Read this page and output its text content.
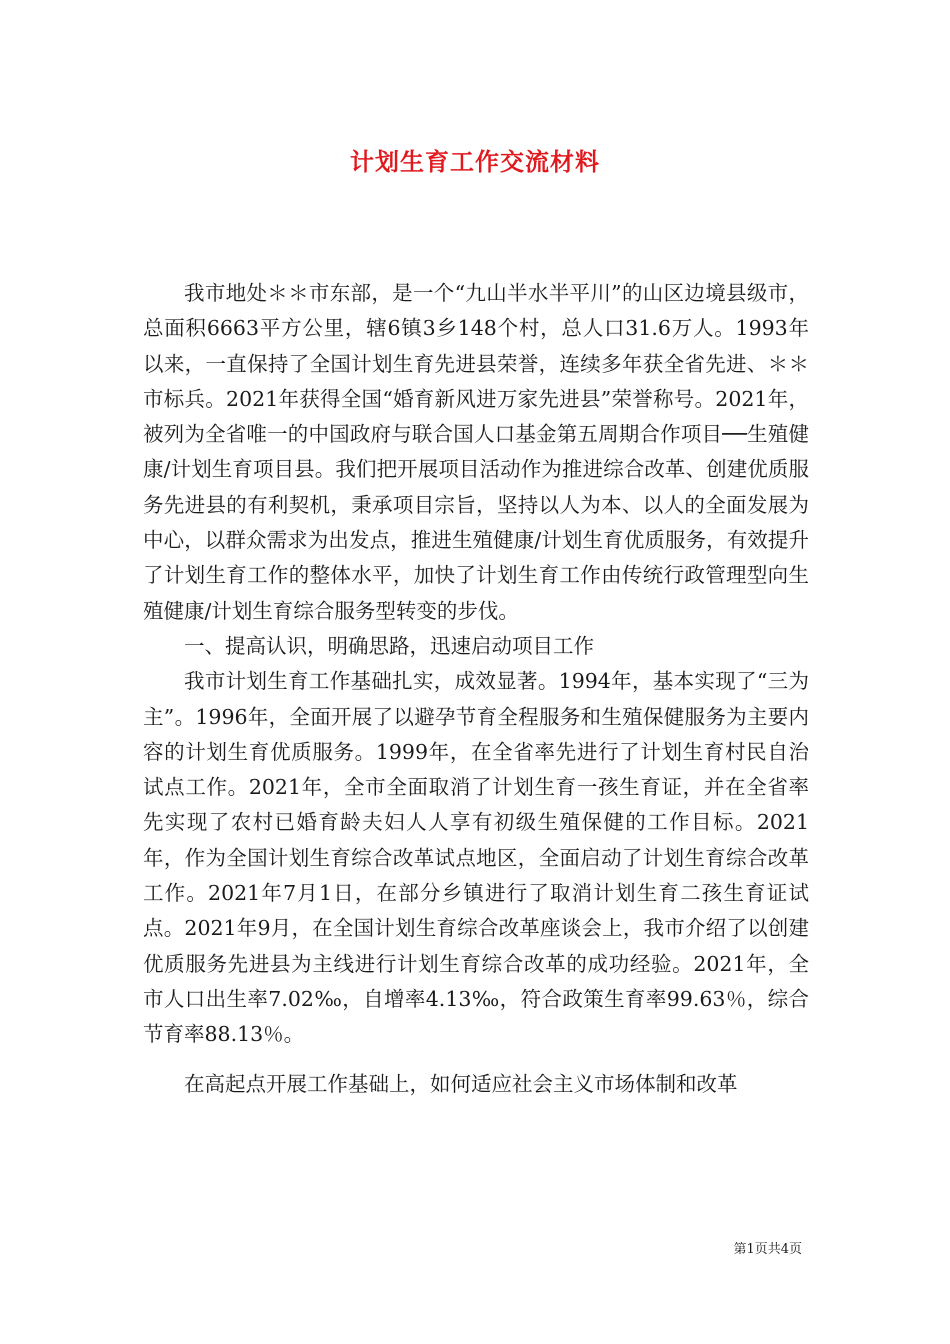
计划生育工作交流材料

我市地处＊＊市东部，是一个“九山半水半平川”的山区边境县级市，总面积6663平方公里，辖6镇3乡148个村，总人口31.6万人。1993年以来，一直保持了全国计划生育先进县荣誉，连续多年获全省先进、＊＊市标兵。2021年获得全国“婚育新风进万家先进县”荣誉称号。2021年，被列为全省唯一的中国政府与联合国人口基金第五周期合作项目──生殖健康/计划生育项目县。我们把开展项目活动作为推进综合改革、创建优质服务先进县的有利契机，秉承项目宗旨，坚持以人为本、以人的全面发展为中心，以群众需求为出发点，推进生殖健康/计划生育优质服务，有效提升了计划生育工作的整体水平，加快了计划生育工作由传统行政管理型向生殖健康/计划生育综合服务型转变的步伐。

一、提高认识，明确思路，迅速启动项目工作

我市计划生育工作基础扎实，成效显著。1994年，基本实现了“三为主”。1996年，全面开展了以避孕节育全程服务和生殖保健服务为主要内容的计划生育优质服务。1999年，在全省率先进行了计划生育村民自治试点工作。2021年，全市全面取消了计划生育一孩生育证，并在全省率先实现了农村已婚育龄夫妇人人享有初级生殖保健的工作目标。2021年，作为全国计划生育综合改革试点地区，全面启动了计划生育综合改革工作。2021年7月1日，在部分乡镇进行了取消计划生育二孩生育证试点。2021年9月，在全国计划生育综合改革座谈会上，我市介绍了以创建优质服务先进县为主线进行计划生育综合改革的成功经验。2021年，全市人口出生率7.02‰，自增率4.13‰，符合政策生育率99.63％，综合节育率88.13％。

在高起点开展工作基础上，如何适应社会主义市场体制和改革

第1页共4页
